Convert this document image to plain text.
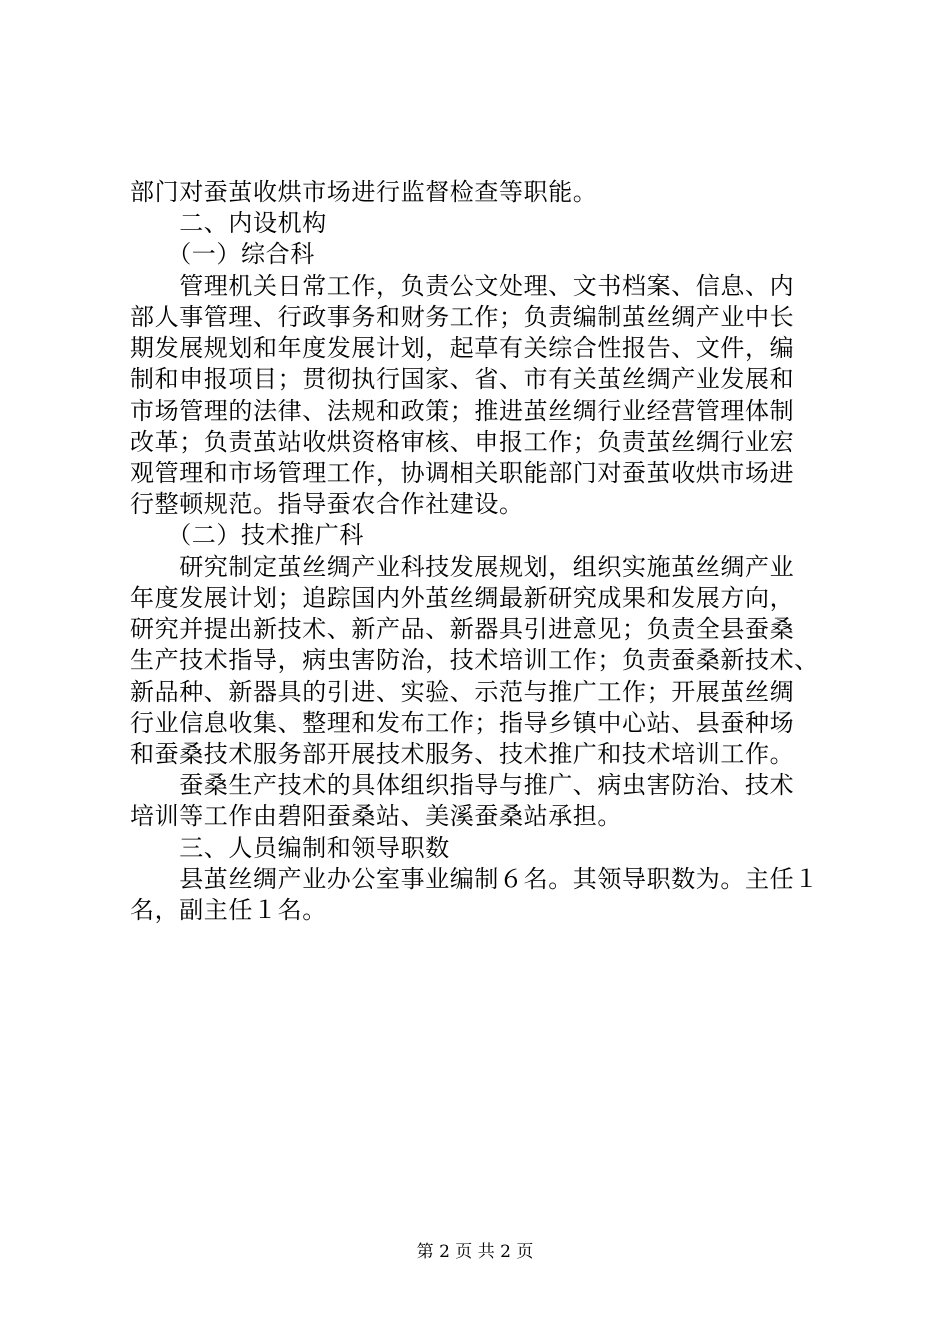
部门对蚕茧收烘市场进行监督检查等职能。
　　二、内设机构
　　（一）综合科
　　管理机关日常工作，负责公文处理、文书档案、信息、内
部人事管理、行政事务和财务工作；负责编制茧丝绸产业中长
期发展规划和年度发展计划，起草有关综合性报告、文件，编
制和申报项目；贯彻执行国家、省、市有关茧丝绸产业发展和
市场管理的法律、法规和政策；推进茧丝绸行业经营管理体制
改革；负责茧站收烘资格审核、申报工作；负责茧丝绸行业宏
观管理和市场管理工作，协调相关职能部门对蚕茧收烘市场进
行整顿规范。指导蚕农合作社建设。
　　（二）技术推广科
　　研究制定茧丝绸产业科技发展规划，组织实施茧丝绸产业
年度发展计划；追踪国内外茧丝绸最新研究成果和发展方向，
研究并提出新技术、新产品、新器具引进意见；负责全县蚕桑
生产技术指导，病虫害防治，技术培训工作；负责蚕桑新技术、
新品种、新器具的引进、实验、示范与推广工作；开展茧丝绸
行业信息收集、整理和发布工作；指导乡镇中心站、县蚕种场
和蚕桑技术服务部开展技术服务、技术推广和技术培训工作。
　　蚕桑生产技术的具体组织指导与推广、病虫害防治、技术
培训等工作由碧阳蚕桑站、美溪蚕桑站承担。
　　三、人员编制和领导职数
　　县茧丝绸产业办公室事业编制６名。其领导职数为。主任１
名，副主任１名。
第 2 页 共 2 页
